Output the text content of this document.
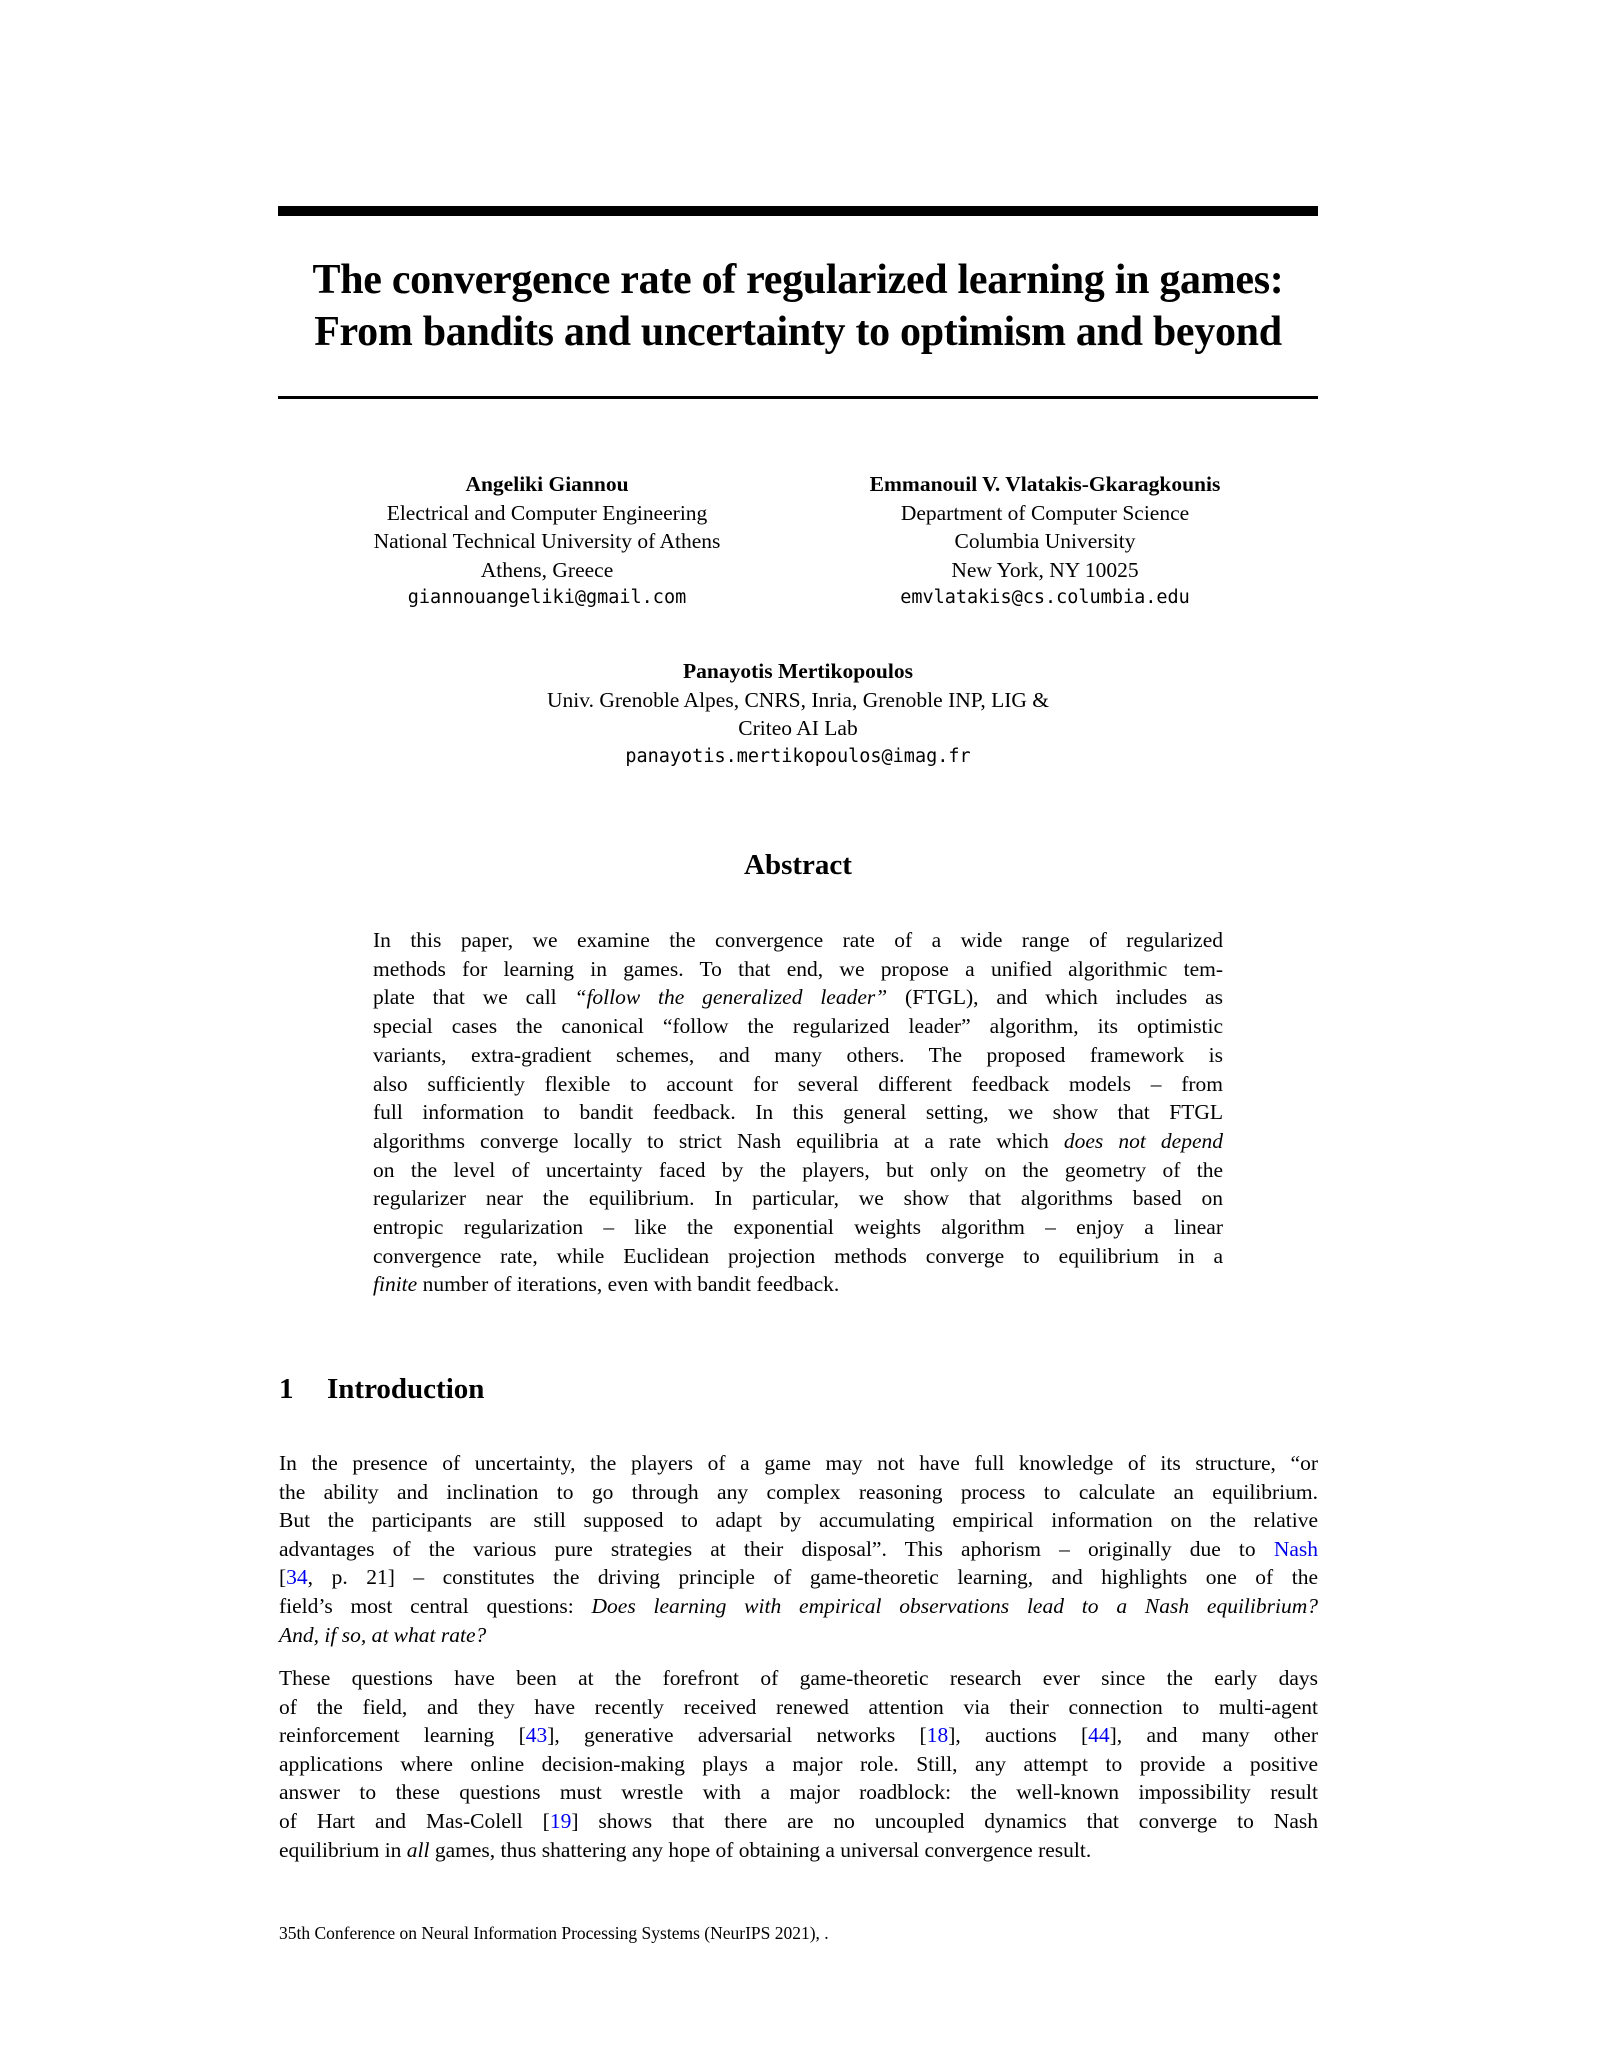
The convergence rate of regularized learning in games:
From bandits and uncertainty to optimism and beyond
Angeliki Giannou
Electrical and Computer Engineering
National Technical University of Athens
Athens, Greece
giannouangeliki@gmail.com
Emmanouil V. Vlatakis-Gkaragkounis
Department of Computer Science
Columbia University
New York, NY 10025
emvlatakis@cs.columbia.edu
Panayotis Mertikopoulos
Univ. Grenoble Alpes, CNRS, Inria, Grenoble INP, LIG &
Criteo AI Lab
panayotis.mertikopoulos@imag.fr
Abstract
In this paper, we examine the convergence rate of a wide range of regularized
methods for learning in games. To that end, we propose a unified algorithmic tem-
plate that we call “follow the generalized leader” (FTGL), and which includes as
special cases the canonical “follow the regularized leader” algorithm, its optimistic
variants, extra-gradient schemes, and many others. The proposed framework is
also sufficiently flexible to account for several different feedback models – from
full information to bandit feedback. In this general setting, we show that FTGL
algorithms converge locally to strict Nash equilibria at a rate which does not depend
on the level of uncertainty faced by the players, but only on the geometry of the
regularizer near the equilibrium. In particular, we show that algorithms based on
entropic regularization – like the exponential weights algorithm – enjoy a linear
convergence rate, while Euclidean projection methods converge to equilibrium in a
finite number of iterations, even with bandit feedback.
1 Introduction
In the presence of uncertainty, the players of a game may not have full knowledge of its structure, “or
the ability and inclination to go through any complex reasoning process to calculate an equilibrium.
But the participants are still supposed to adapt by accumulating empirical information on the relative
advantages of the various pure strategies at their disposal”. This aphorism – originally due to Nash
[34, p. 21] – constitutes the driving principle of game-theoretic learning, and highlights one of the
field’s most central questions: Does learning with empirical observations lead to a Nash equilibrium?
And, if so, at what rate?
These questions have been at the forefront of game-theoretic research ever since the early days
of the field, and they have recently received renewed attention via their connection to multi-agent
reinforcement learning [43], generative adversarial networks [18], auctions [44], and many other
applications where online decision-making plays a major role. Still, any attempt to provide a positive
answer to these questions must wrestle with a major roadblock: the well-known impossibility result
of Hart and Mas-Colell [19] shows that there are no uncoupled dynamics that converge to Nash
equilibrium in all games, thus shattering any hope of obtaining a universal convergence result.
35th Conference on Neural Information Processing Systems (NeurIPS 2021), .
